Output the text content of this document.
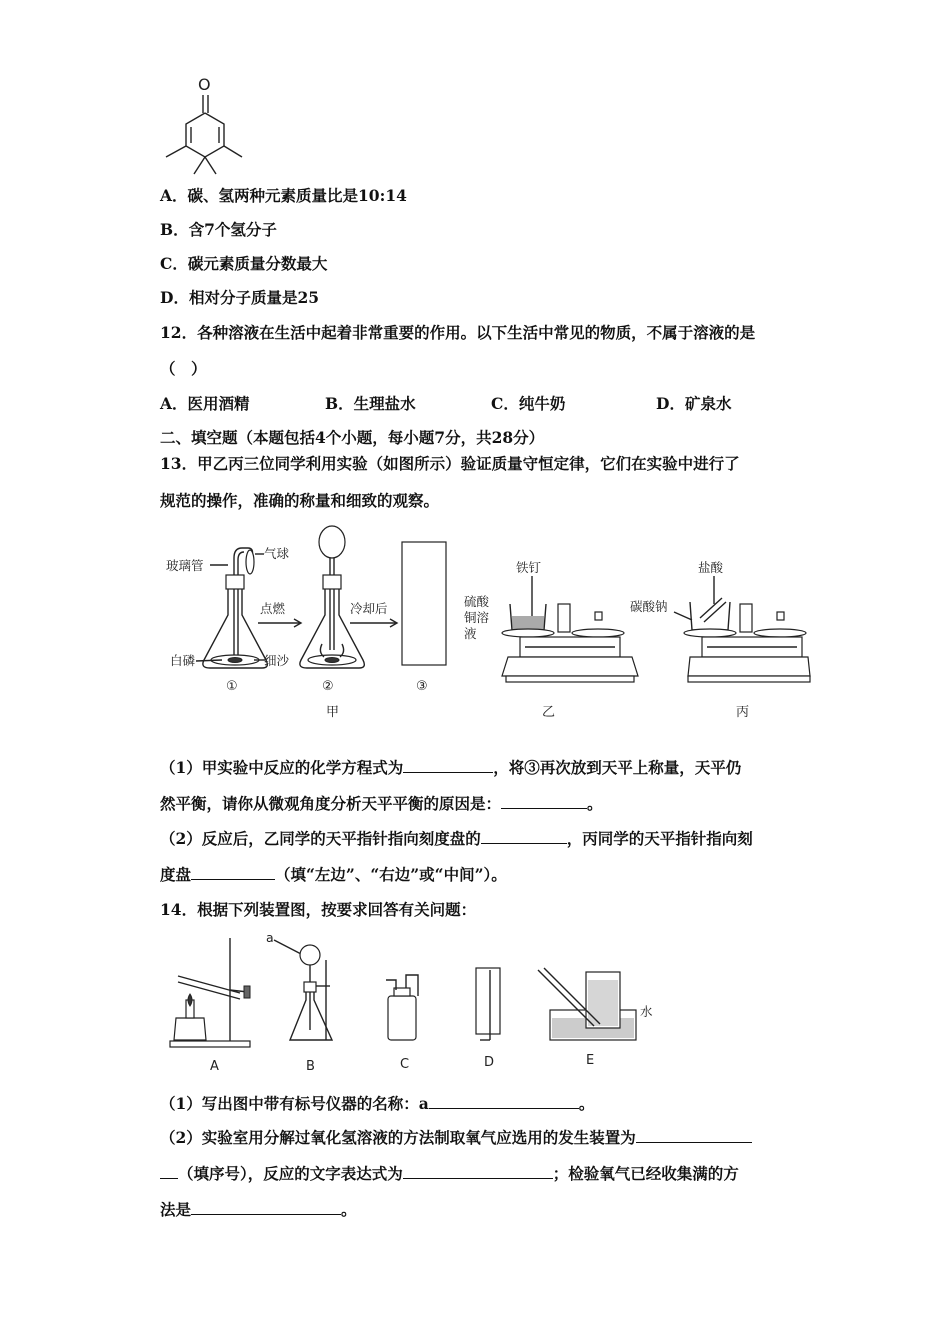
O
A．碳、氢两种元素质量比是10:14
B．含7个氢分子
C．碳元素质量分数最大
D．相对分子质量是25
12．各种溶液在生活中起着非常重要的作用。以下生活中常见的物质，不属于溶液的是
（　）
A．医用酒精	B．生理盐水	C．纯牛奶	D．矿泉水
二、填空题（本题包括4个小题，每小题7分，共28分）
13．甲乙丙三位同学利用实验（如图所示）验证质量守恒定律，它们在实验中进行了
规范的操作，准确的称量和细致的观察。
玻璃管
气球
白磷	细沙
①
点燃
②
冷却后
③
甲
铁钉
硫酸
铜溶
液
乙
盐酸
碳酸钠
丙
（1）甲实验中反应的化学方程式为	，将③再次放到天平上称量，天平仍
然平衡，请你从微观角度分析天平平衡的原因是：	。
（2）反应后，乙同学的天平指针指向刻度盘的	，丙同学的天平指针指向刻
度盘	（填“左边”、“右边”或“中间”）。
14．根据下列装置图，按要求回答有关问题：
A
a
B	C	D
水
E
（1）写出图中带有标号仪器的名称：a	。
（2）实验室用分解过氧化氢溶液的方法制取氧气应选用的发生装置为
（填序号），反应的文字表达式为	；检验氧气已经收集满的方
法是	。
